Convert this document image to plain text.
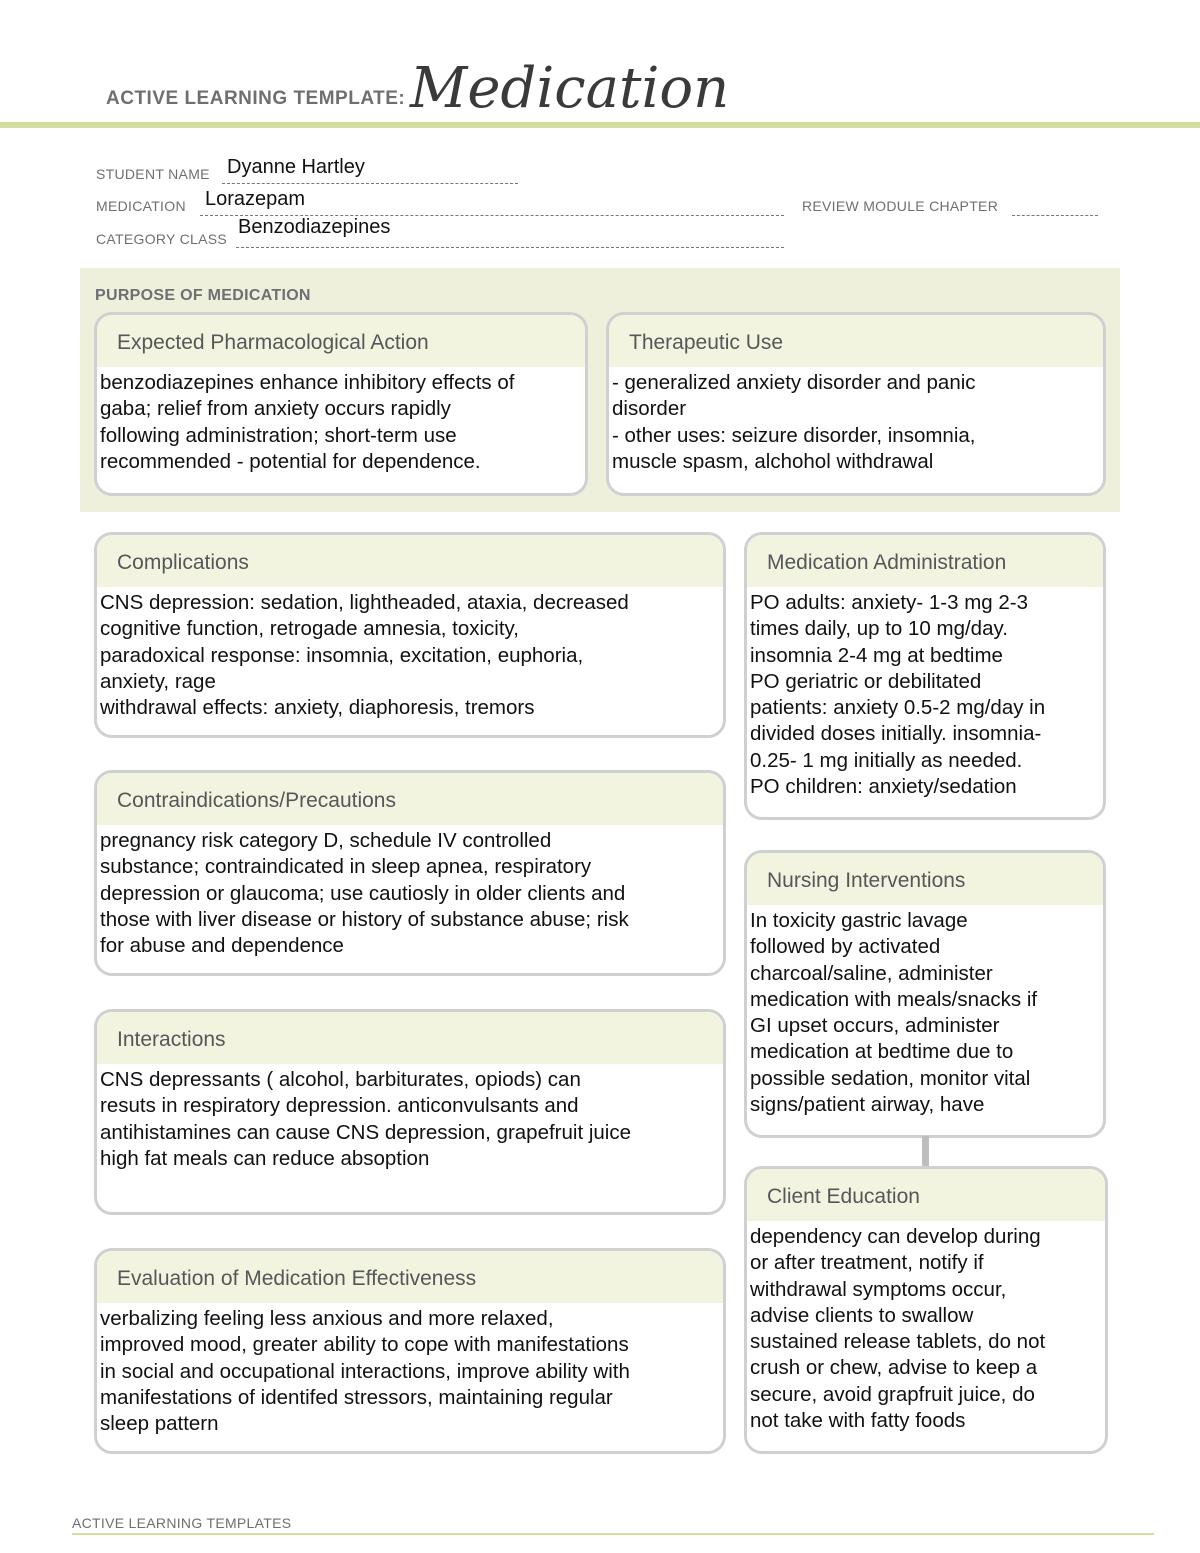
ACTIVE LEARNING TEMPLATE: Medication
STUDENT NAME Dyanne Hartley
MEDICATION Lorazepam	REVIEW MODULE CHAPTER
CATEGORY CLASS
Benzodiazepines
PURPOSE OF MEDICATION
Expected Pharmacological Action
benzodiazepines enhance inhibitory effects of
gaba; relief from anxiety occurs rapidly
following administration; short-term use
recommended - potential for dependence.
Therapeutic Use
- generalized anxiety disorder and panic
disorder
- other uses: seizure disorder, insomnia,
muscle spasm, alchohol withdrawal
Complications
CNS depression: sedation, lightheaded, ataxia, decreased
cognitive function, retrogade amnesia, toxicity,
paradoxical response: insomnia, excitation, euphoria,
anxiety, rage
withdrawal effects: anxiety, diaphoresis, tremors
Contraindications/Precautions
pregnancy risk category D, schedule IV controlled
substance; contraindicated in sleep apnea, respiratory
depression or glaucoma; use cautiosly in older clients and
those with liver disease or history of substance abuse; risk
for abuse and dependence
Interactions
CNS depressants ( alcohol, barbiturates, opiods) can
resuts in respiratory depression. anticonvulsants and
antihistamines can cause CNS depression, grapefruit juice
high fat meals can reduce absoption
Evaluation of Medication Effectiveness
verbalizing feeling less anxious and more relaxed,
improved mood, greater ability to cope with manifestations
in social and occupational interactions, improve ability with
manifestations of identifed stressors, maintaining regular
sleep pattern
Medication Administration
PO adults: anxiety- 1-3 mg 2-3
times daily, up to 10 mg/day.
insomnia 2-4 mg at bedtime
PO geriatric or debilitated
patients: anxiety 0.5-2 mg/day in
divided doses initially. insomnia-
0.25- 1 mg initially as needed.
PO children: anxiety/sedation
Nursing Interventions
In toxicity gastric lavage
followed by activated
charcoal/saline, administer
medication with meals/snacks if
GI upset occurs, administer
medication at bedtime due to
possible sedation, monitor vital
signs/patient airway, have
Client Education
dependency can develop during
or after treatment, notify if
withdrawal symptoms occur,
advise clients to swallow
sustained release tablets, do not
crush or chew, advise to keep a
secure, avoid grapfruit juice, do
not take with fatty foods
ACTIVE LEARNING TEMPLATES
